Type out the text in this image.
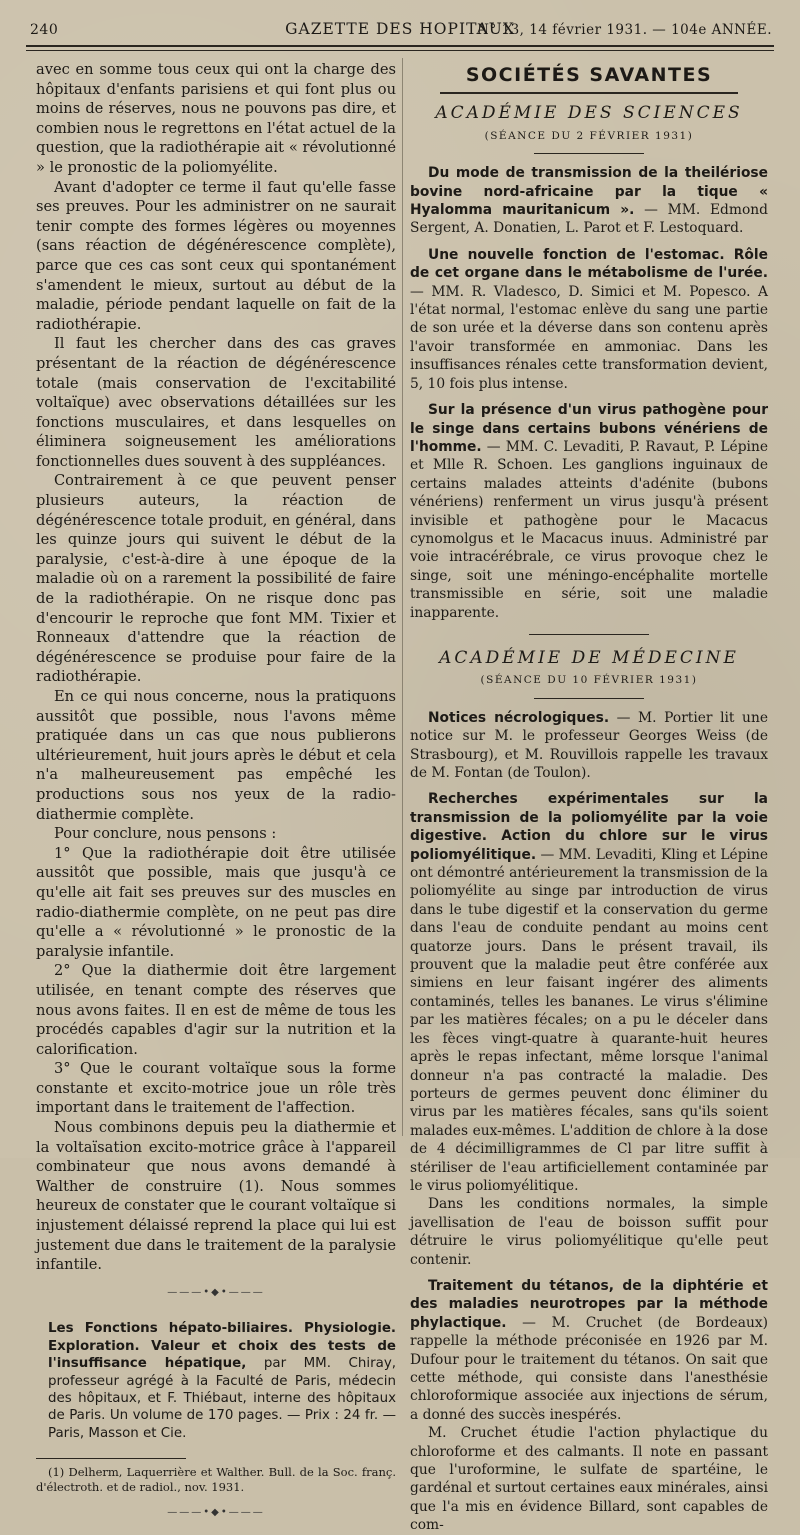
240	GAZETTE DES HOPITAUX
N° 13, 14 février 1931. — 104e ANNÉE.

avec en somme tous ceux qui ont la charge des hôpitaux d'enfants parisiens et qui font plus ou moins de réserves, nous ne pouvons pas dire, et combien nous le regrettons en l'état actuel de la question, que la radiothérapie ait « révolutionné » le pronostic de la poliomyélite.

Avant d'adopter ce terme il faut qu'elle fasse ses preuves. Pour les administrer on ne saurait tenir compte des formes légères ou moyennes (sans réaction de dégénérescence complète), parce que ces cas sont ceux qui spontanément s'amendent le mieux, surtout au début de la maladie, période pendant laquelle on fait de la radiothérapie.

Il faut les chercher dans des cas graves présentant de la réaction de dégénérescence totale (mais conservation de l'excitabilité voltaïque) avec observations détaillées sur les fonctions musculaires, et dans lesquelles on éliminera soigneusement les améliorations fonctionnelles dues souvent à des suppléances.

Contrairement à ce que peuvent penser plusieurs auteurs, la réaction de dégénérescence totale produit, en général, dans les quinze jours qui suivent le début de la paralysie, c'est-à-dire à une époque de la maladie où on a rarement la possibilité de faire de la radiothérapie. On ne risque donc pas d'encourir le reproche que font MM. Tixier et Ronneaux d'attendre que la réaction de dégénérescence se produise pour faire de la radiothérapie.

En ce qui nous concerne, nous la pratiquons aussitôt que possible, nous l'avons même pratiquée dans un cas que nous publierons ultérieurement, huit jours après le début et cela n'a malheureusement pas empêché les productions sous nos yeux de la radio-diathermie complète.

Pour conclure, nous pensons :

1° Que la radiothérapie doit être utilisée aussitôt que possible, mais que jusqu'à ce qu'elle ait fait ses preuves sur des muscles en radio-diathermie complète, on ne peut pas dire qu'elle a « révolutionné » le pronostic de la paralysie infantile.

2° Que la diathermie doit être largement utilisée, en tenant compte des réserves que nous avons faites. Il en est de même de tous les procédés capables d'agir sur la nutrition et la calorification.

3° Que le courant voltaïque sous la forme constante et excito-motrice joue un rôle très important dans le traitement de l'affection.

Nous combinons depuis peu la diathermie et la voltaïsation excito-motrice grâce à l'appareil combinateur que nous avons demandé à Walther de construire (1). Nous sommes heureux de constater que le courant voltaïque si injustement délaissé reprend la place qui lui est justement due dans le traitement de la paralysie infantile.

———•◆•———
Les Fonctions hépato-biliaires. Physiologie. Exploration. Valeur et choix des tests de l'insuffisance hépatique, par MM. Chiray, professeur agrégé à la Faculté de Paris, médecin des hôpitaux, et F. Thiébaut, interne des hôpitaux de Paris. Un volume de 170 pages. — Prix : 24 fr. — Paris, Masson et Cie.

(1) Delherm, Laquerrière et Walther. Bull. de la Soc. franç. d'électroth. et de radiol., nov. 1931.

———•◆•———
SOCIÉTÉS SAVANTES
ACADÉMIE DES SCIENCES
(SÉANCE DU 2 FÉVRIER 1931)

Du mode de transmission de la theilériose bovine nord-africaine par la tique « Hyalomma mauritanicum ». — MM. Edmond Sergent, A. Donatien, L. Parot et F. Lestoquard.

Une nouvelle fonction de l'estomac. Rôle de cet organe dans le métabolisme de l'urée. — MM. R. Vladesco, D. Simici et M. Popesco. A l'état normal, l'estomac enlève du sang une partie de son urée et la déverse dans son contenu après l'avoir transformée en ammoniac. Dans les insuffisances rénales cette transformation devient, 5, 10 fois plus intense.

Sur la présence d'un virus pathogène pour le singe dans certains bubons vénériens de l'homme. — MM. C. Levaditi, P. Ravaut, P. Lépine et Mlle R. Schoen. Les ganglions inguinaux de certains malades atteints d'adénite (bubons vénériens) renferment un virus jusqu'à présent invisible et pathogène pour le Macacus cynomolgus et le Macacus inuus. Administré par voie intracérébrale, ce virus provoque chez le singe, soit une méningo-encéphalite mortelle transmissible en série, soit une maladie inapparente.

ACADÉMIE DE MÉDECINE
(SÉANCE DU 10 FÉVRIER 1931)

Notices nécrologiques. — M. Portier lit une notice sur M. le professeur Georges Weiss (de Strasbourg), et M. Rouvillois rappelle les travaux de M. Fontan (de Toulon).

Recherches expérimentales sur la transmission de la poliomyélite par la voie digestive. Action du chlore sur le virus poliomyélitique. — MM. Levaditi, Kling et Lépine ont démontré antérieurement la transmission de la poliomyélite au singe par introduction de virus dans le tube digestif et la conservation du germe dans l'eau de conduite pendant au moins cent quatorze jours. Dans le présent travail, ils prouvent que la maladie peut être conférée aux simiens en leur faisant ingérer des aliments contaminés, telles les bananes. Le virus s'élimine par les matières fécales; on a pu le déceler dans les fèces vingt-quatre à quarante-huit heures après le repas infectant, même lorsque l'animal donneur n'a pas contracté la maladie. Des porteurs de germes peuvent donc éliminer du virus par les matières fécales, sans qu'ils soient malades eux-mêmes. L'addition de chlore à la dose de 4 décimilligrammes de Cl par litre suffit à stériliser de l'eau artificiellement contaminée par le virus poliomyélitique.

Dans les conditions normales, la simple javellisation de l'eau de boisson suffit pour détruire le virus poliomyélitique qu'elle peut contenir.

Traitement du tétanos, de la diphtérie et des maladies neurotropes par la méthode phylactique. — M. Cruchet (de Bordeaux) rappelle la méthode préconisée en 1926 par M. Dufour pour le traitement du tétanos. On sait que cette méthode, qui consiste dans l'anesthésie chloroformique associée aux injections de sérum, a donné des succès inespérés.

M. Cruchet étudie l'action phylactique du chloroforme et des calmants. Il note en passant que l'uroformine, le sulfate de spartéine, le gardénal et surtout certaines eaux minérales, ainsi que l'a mis en évidence Billard, sont capables de com-
